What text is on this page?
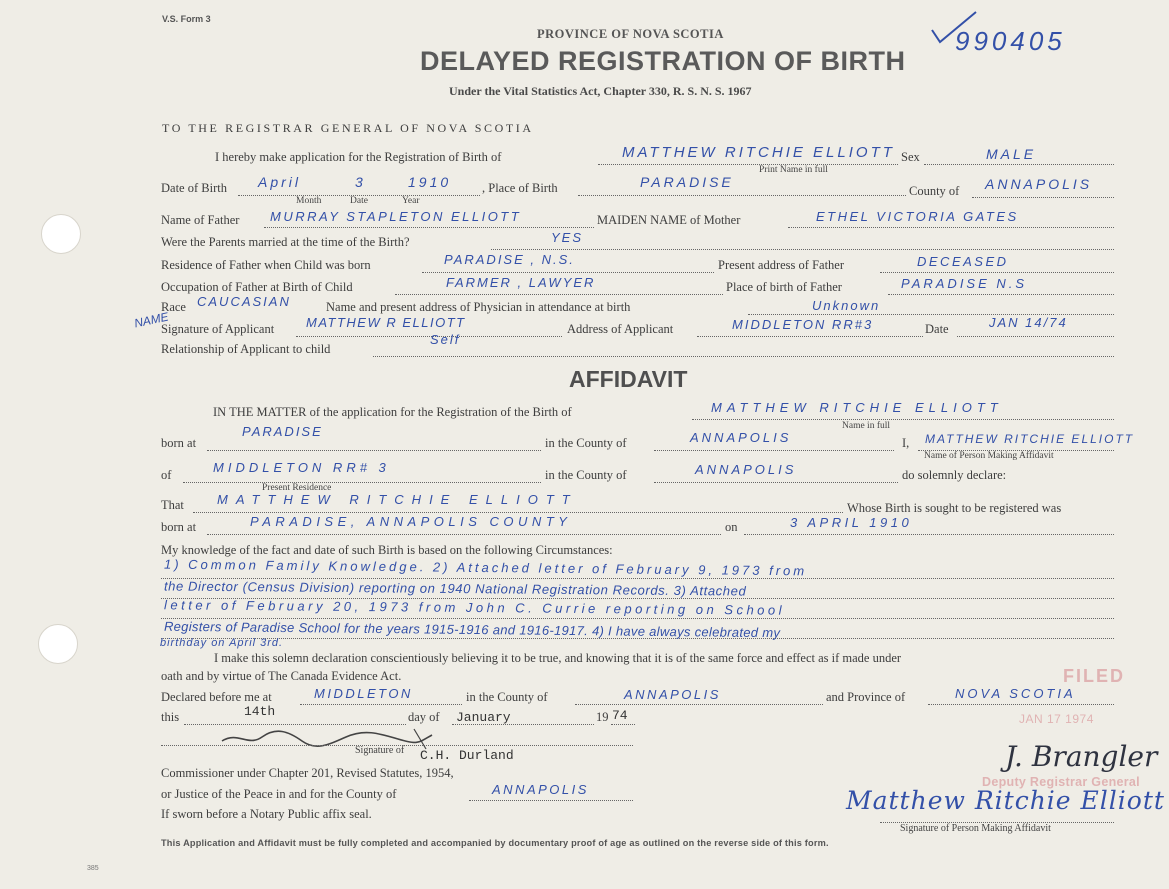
V.S. Form 3
PROVINCE OF NOVA SCOTIA
DELAYED REGISTRATION OF BIRTH
Under the Vital Statistics Act, Chapter 330, R. S. N. S. 1967
990405
TO THE REGISTRAR GENERAL OF NOVA SCOTIA
I hereby make application for the Registration of Birth of	MATTHEW RITCHIE ELLIOTT
Print Name in full
Sex	MALE
Date of Birth April	3	1910
Month	Date	Year
, Place of Birth	PARADISE
County of ANNAPOLIS
Name of Father MURRAY STAPLETON ELLIOTT	MAIDEN NAME of Mother	ETHEL VICTORIA GATES
Were the Parents married at the time of the Birth?	YES
Residence of Father when Child was born	PARADISE , N.S.	Present address of Father	DECEASED
Occupation of Father at Birth of Child	FARMER , LAWYER	Place of birth of Father	PARADISE N.S
Race CAUCASIAN	Name and present address of Physician in attendance at birth	Unknown
NAME
Signature of Applicant MATTHEW R ELLIOTT	Address of Applicant	MIDDLETON RR#3	Date	JAN 14/74
Relationship of Applicant to child
Self
AFFIDAVIT
IN THE MATTER of the application for the Registration of the Birth of	MATTHEW RITCHIE ELLIOTT
Name in full
born at
PARADISE
in the County of	ANNAPOLIS	I, MATTHEW RITCHIE ELLIOTT
Name of Person Making Affidavit
of	MIDDLETON RR# 3
Present Residence
in the County of	ANNAPOLIS	do solemnly declare:
That	MATTHEW RITCHIE ELLIOTT
Whose Birth is sought to be registered was
born at	PARADISE, ANNAPOLIS COUNTY	on	3 APRIL 1910
My knowledge of the fact and date of such Birth is based on the following Circumstances:
1) Common Family Knowledge. 2) Attached letter of February 9, 1973 from
the Director (Census Division) reporting on 1940 National Registration Records. 3) Attached
letter of February 20, 1973 from John C. Currie reporting on School
Registers of Paradise School for the years 1915-1916 and 1916-1917. 4) I have always celebrated my
birthday on April 3rd.
I make this solemn declaration conscientiously believing it to be true, and knowing that it is of the same force and effect as if made under
oath and by virtue of The Canada Evidence Act.
Declared before me at	MIDDLETON	in the County of	ANNAPOLIS	and Province of	NOVA SCOTIA
this	14th	day of January	19 74
Signature of C.H. Durland
Commissioner under Chapter 201, Revised Statutes, 1954,
or Justice of the Peace in and for the County of	ANNAPOLIS
If sworn before a Notary Public affix seal.
FILED
JAN 17 1974
J. Brangler
Deputy Registrar General
Matthew Ritchie Elliott
Signature of Person Making Affidavit
This Application and Affidavit must be fully completed and accompanied by documentary proof of age as outlined on the reverse side of this form.
385
